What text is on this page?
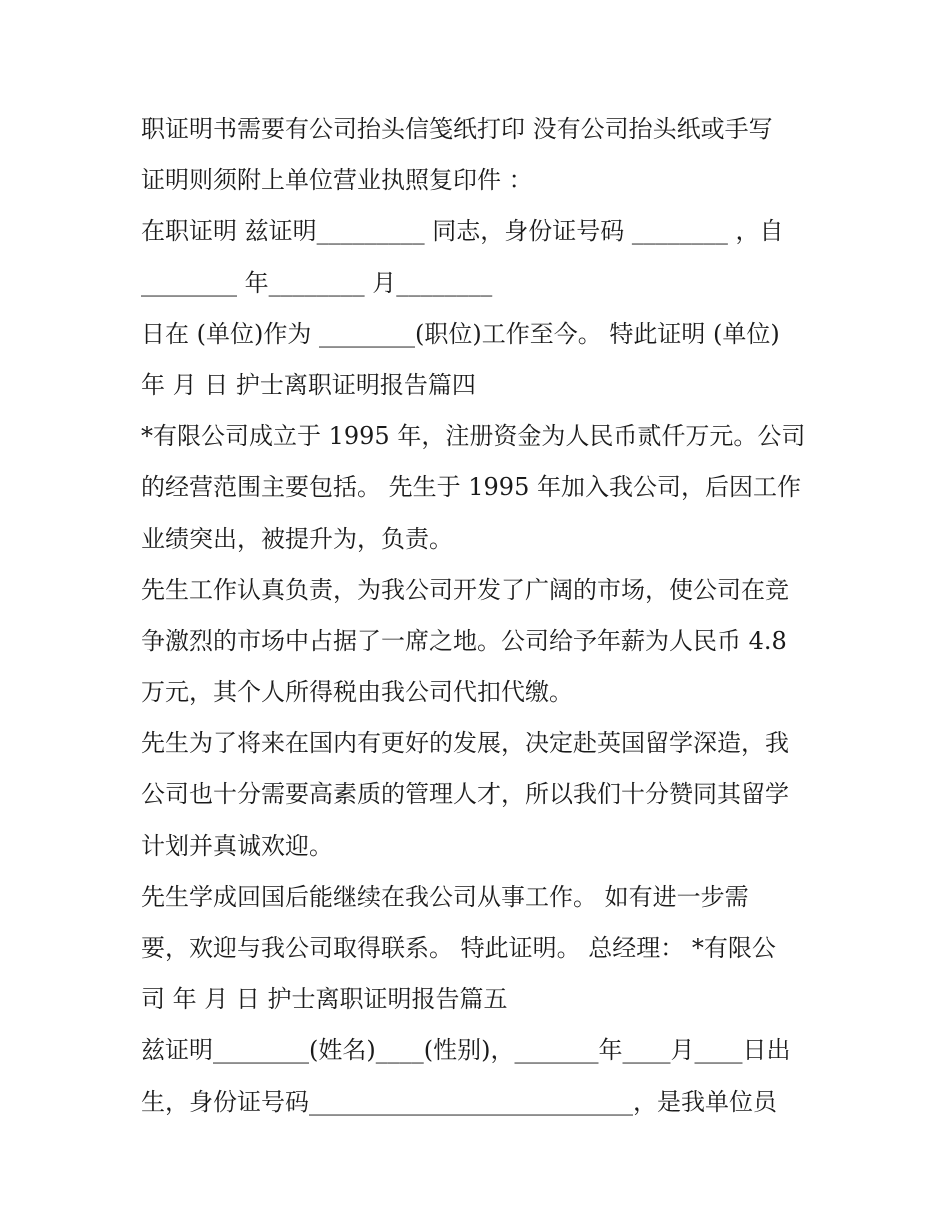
职证明书需要有公司抬头信笺纸打印 没有公司抬头纸或手写
证明则须附上单位营业执照复印件 ：
在职证明 兹证明_________ 同志，身份证号码 ________ ，自
________ 年________ 月________
日在 (单位)作为 ________(职位)工作至今。 特此证明 (单位)
年 月 日 护士离职证明报告篇四
*有限公司成立于 1995 年，注册资金为人民币贰仟万元。公司
的经营范围主要包括。 先生于 1995 年加入我公司，后因工作
业绩突出，被提升为，负责。
先生工作认真负责，为我公司开发了广阔的市场，使公司在竞
争激烈的市场中占据了一席之地。公司给予年薪为人民币 4.8
万元，其个人所得税由我公司代扣代缴。
先生为了将来在国内有更好的发展，决定赴英国留学深造，我
公司也十分需要高素质的管理人才，所以我们十分赞同其留学
计划并真诚欢迎。
先生学成回国后能继续在我公司从事工作。 如有进一步需
要，欢迎与我公司取得联系。 特此证明。 总经理： *有限公
司 年 月 日 护士离职证明报告篇五
兹证明________(姓名)____(性别)，_______年____月____日出
生，身份证号码___________________________，是我单位员
